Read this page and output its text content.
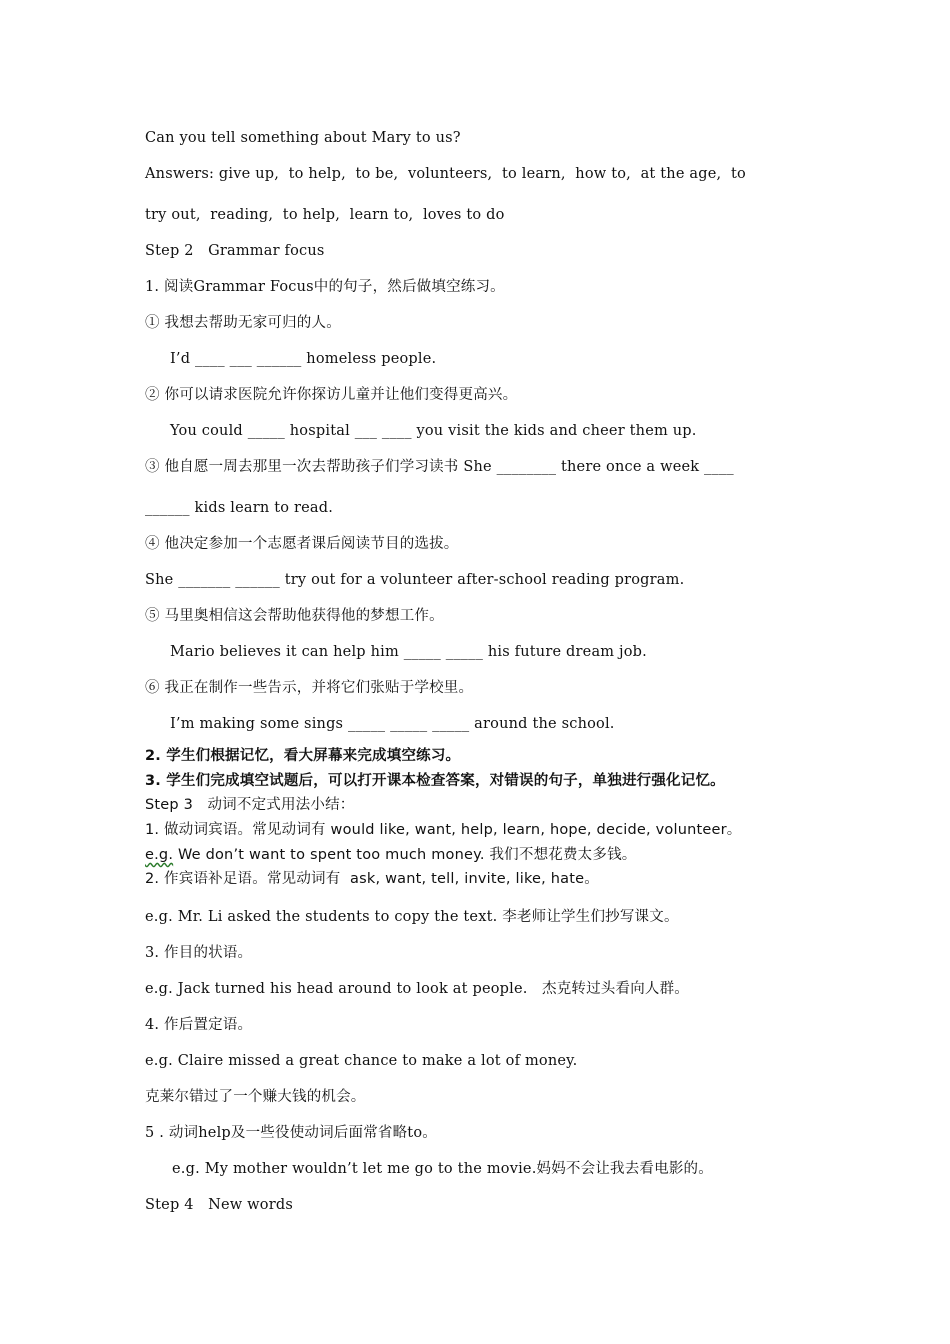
Can you tell something about Mary to us?
Answers: give up,  to help,  to be,  volunteers,  to learn,  how to,  at the age,  to
try out,  reading,  to help,  learn to,  loves to do
Step 2   Grammar focus
1. 阅读Grammar Focus中的句子，然后做填空练习。
① 我想去帮助无家可归的人。
I’d ____ ___ ______ homeless people.
② 你可以请求医院允许你探访儿童并让他们变得更高兴。
You could _____ hospital ___ ____ you visit the kids and cheer them up.
③ 他自愿一周去那里一次去帮助孩子们学习读书 She ________ there once a week ____
______ kids learn to read.
④ 他决定参加一个志愿者课后阅读节目的选拔。
She _______ ______ try out for a volunteer after-school reading program.
⑤ 马里奥相信这会帮助他获得他的梦想工作。
Mario believes it can help him _____ _____ his future dream job.
⑥ 我正在制作一些告示，并将它们张贴于学校里。
I’m making some sings _____ _____ _____ around the school.
2. 学生们根据记忆，看大屏幕来完成填空练习。
3. 学生们完成填空试题后，可以打开课本检查答案，对错误的句子，单独进行强化记忆。
Step 3   动词不定式用法小结：
1. 做动词宾语。常见动词有 would like, want, help, learn, hope, decide, volunteer。
e.g. We don’t want to spent too much money. 我们不想花费太多钱。
2. 作宾语补足语。常见动词有  ask, want, tell, invite, like, hate。
e.g. Mr. Li asked the students to copy the text. 李老师让学生们抄写课文。
3. 作目的状语。
e.g. Jack turned his head around to look at people.   杰克转过头看向人群。
4. 作后置定语。
e.g. Claire missed a great chance to make a lot of money.
克莱尔错过了一个赚大钱的机会。
5 . 动词help及一些役使动词后面常省略to。
e.g. My mother wouldn’t let me go to the movie.妈妈不会让我去看电影的。
Step 4   New words
